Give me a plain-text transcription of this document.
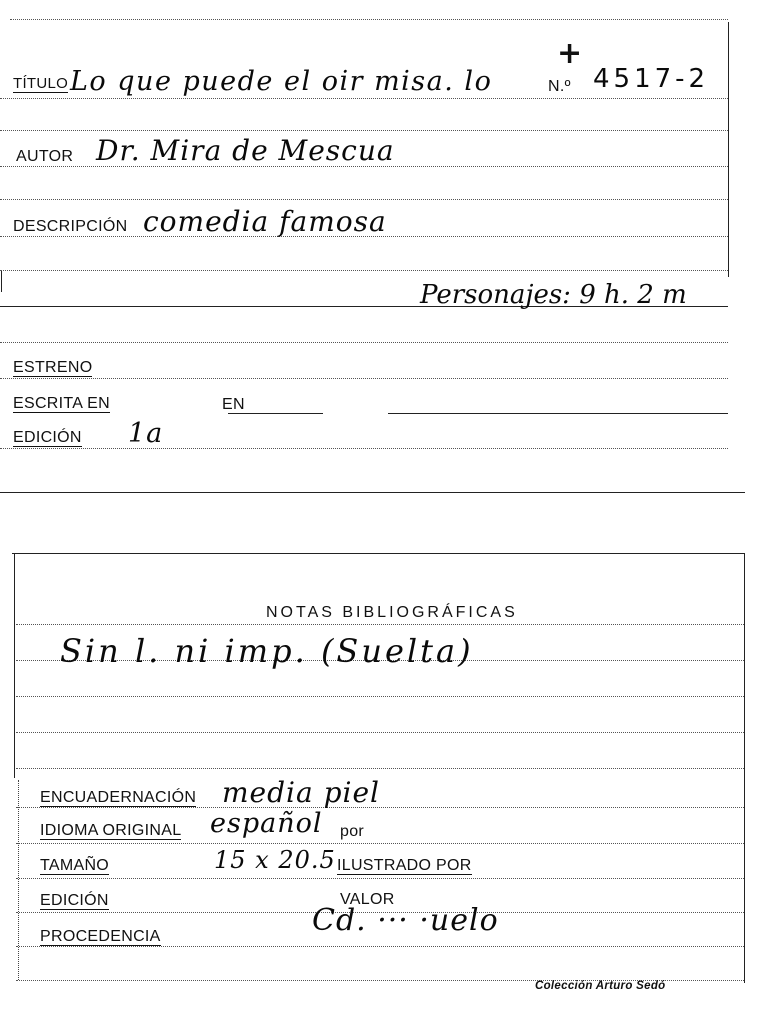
TÍTULO Lo que puede el oir misa. lo
+
N.º 4517-2
AUTOR Dr. Mira de Mescua
DESCRIPCIÓN comedia famosa
Personajes: 9 h. 2 m
ESTRENO
ESCRITA EN	EN
EDICIÓN 1a
NOTAS BIBLIOGRÁFICAS
Sin l. ni imp. (Suelta)
ENCUADERNACIÓN media piel
IDIOMA ORIGINAL español por
TAMAÑO	15 x 20.5 ILUSTRADO POR
EDICIÓN	VALOR
PROCEDENCIA	Cd. ··· ·uelo
Colección Arturo Sedó
